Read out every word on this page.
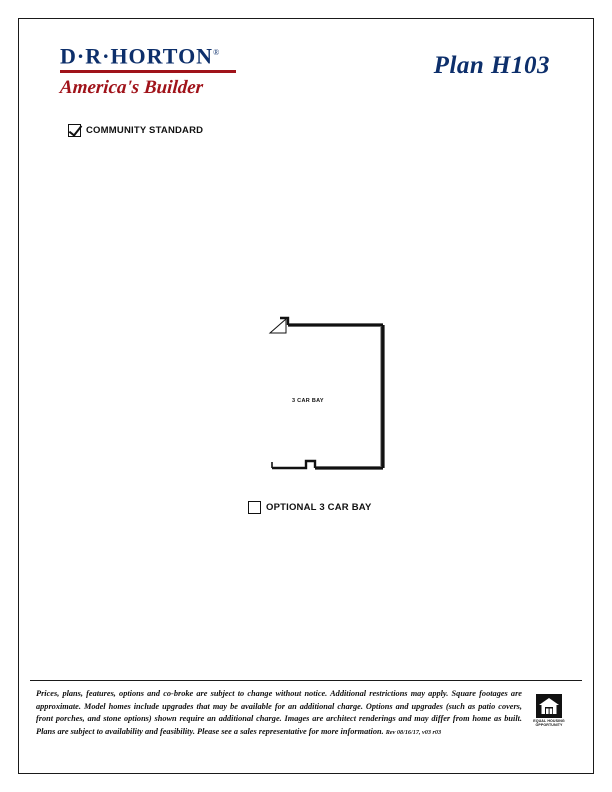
D·R·HORTON®
America's Builder
Plan H103
COMMUNITY STANDARD
3 CAR BAY
OPTIONAL 3 CAR BAY
Prices, plans, features, options and co-broke are subject to change without notice. Additional restrictions may apply. Square footages are approximate. Model homes include upgrades that may be available for an additional charge. Options and upgrades (such as patio covers, front porches, and stone options) shown require an additional charge. Images are architect renderings and may differ from home as built. Plans are subject to availability and feasibility. Please see a sales representative for more information. Rev 08/16/17, v03 r03
EQUAL HOUSING
OPPORTUNITY
